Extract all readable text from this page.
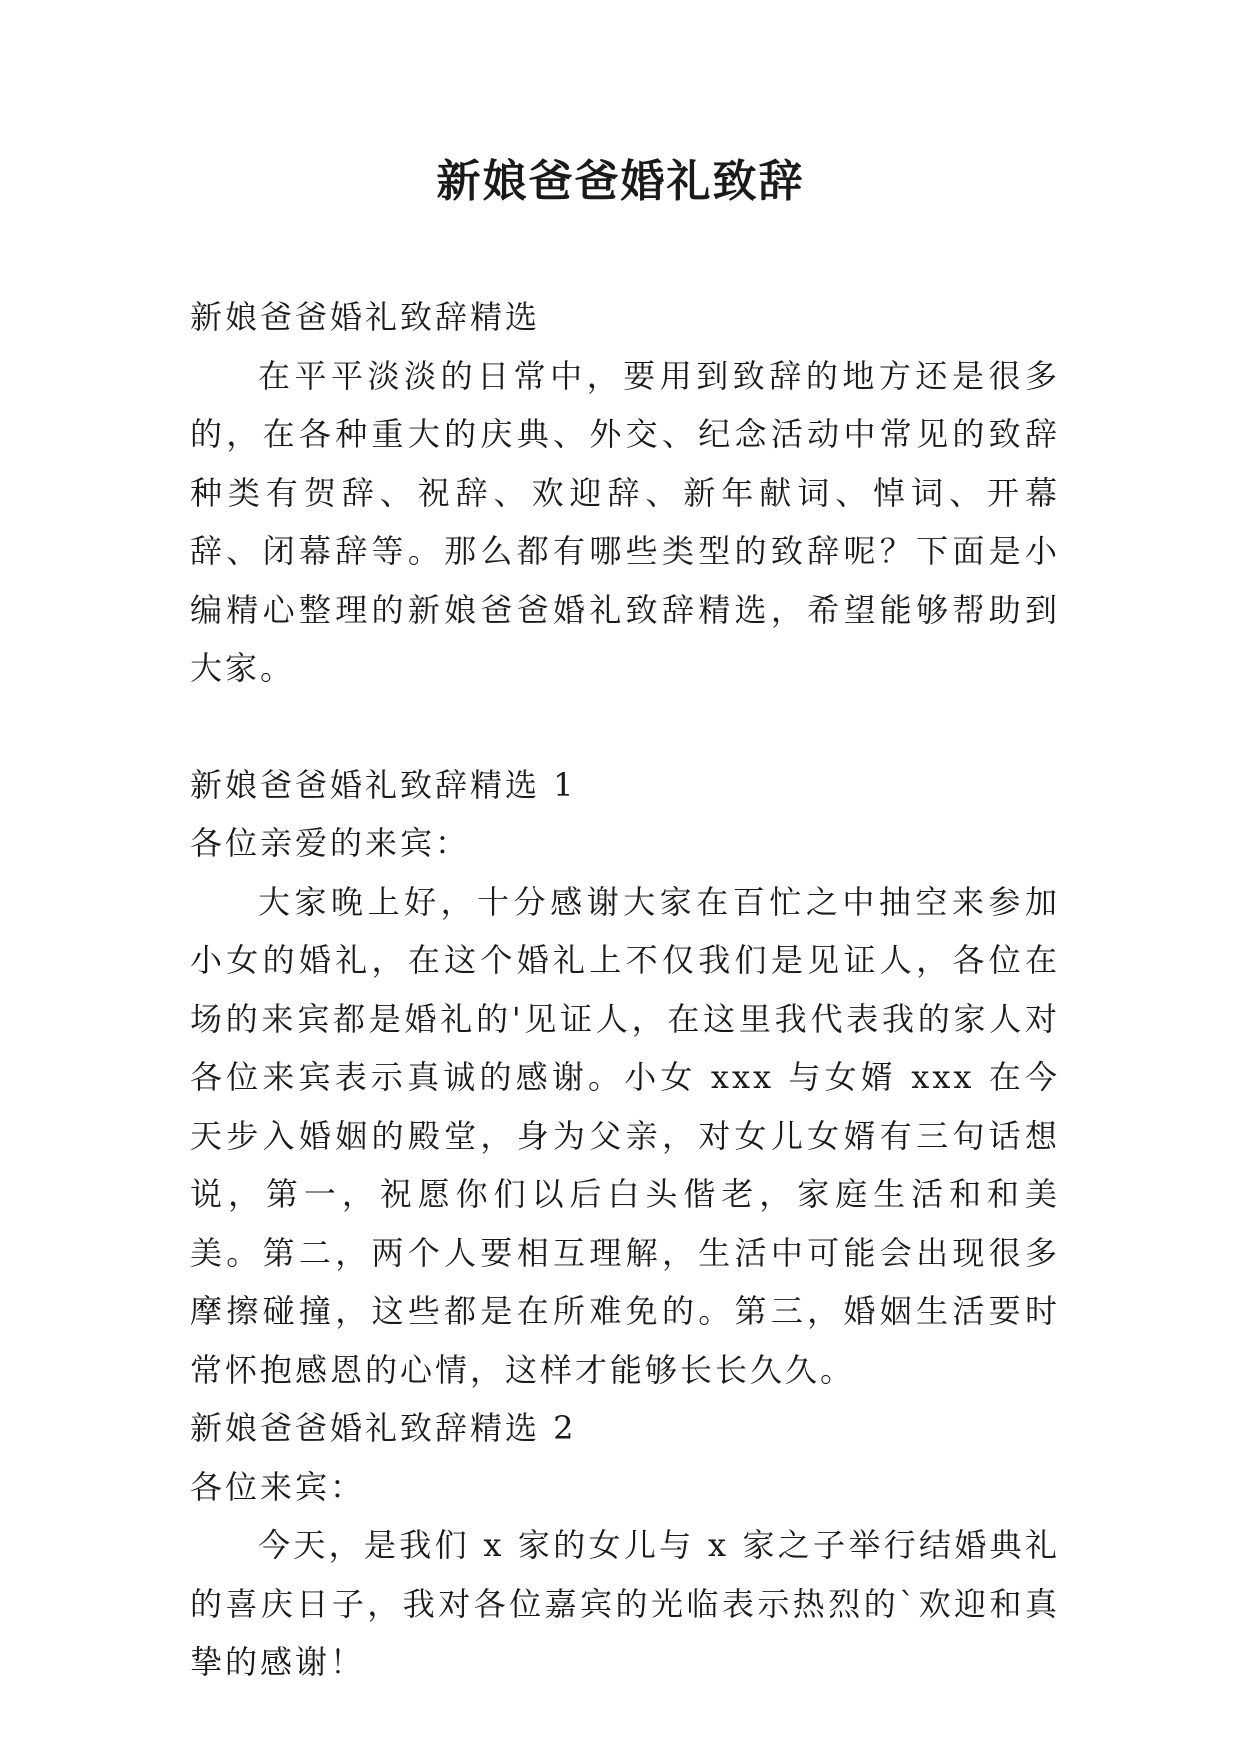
新娘爸爸婚礼致辞

新娘爸爸婚礼致辞精选

在平平淡淡的日常中，要用到致辞的地方还是很多的，在各种重大的庆典、外交、纪念活动中常见的致辞种类有贺辞、祝辞、欢迎辞、新年献词、悼词、开幕辞、闭幕辞等。那么都有哪些类型的致辞呢？下面是小编精心整理的新娘爸爸婚礼致辞精选，希望能够帮助到大家。

新娘爸爸婚礼致辞精选 1

各位亲爱的来宾：

大家晚上好，十分感谢大家在百忙之中抽空来参加小女的婚礼，在这个婚礼上不仅我们是见证人，各位在场的来宾都是婚礼的'见证人，在这里我代表我的家人对各位来宾表示真诚的感谢。小女 xxx 与女婿 xxx 在今天步入婚姻的殿堂，身为父亲，对女儿女婿有三句话想说，第一，祝愿你们以后白头偕老，家庭生活和和美美。第二，两个人要相互理解，生活中可能会出现很多摩擦碰撞，这些都是在所难免的。第三，婚姻生活要时常怀抱感恩的心情，这样才能够长长久久。

新娘爸爸婚礼致辞精选 2

各位来宾：

今天，是我们 x 家的女儿与 x 家之子举行结婚典礼的喜庆日子，我对各位嘉宾的光临表示热烈的`欢迎和真挚的感谢！
